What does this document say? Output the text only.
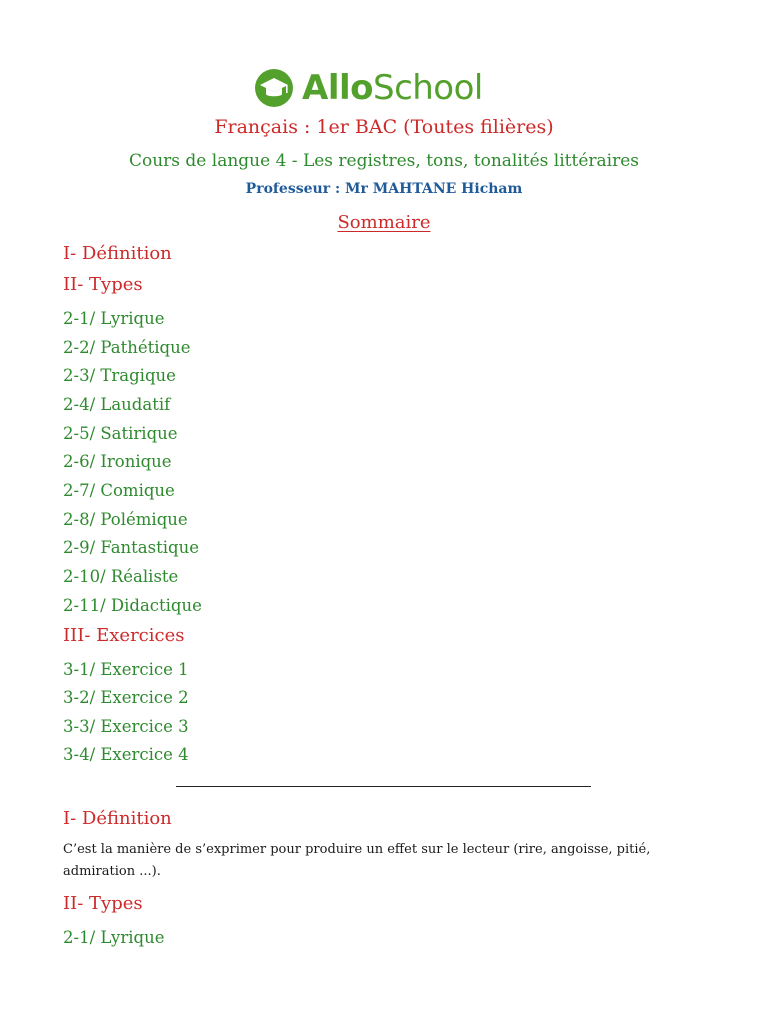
AlloSchool
Français : 1er BAC (Toutes filières)
Cours de langue 4 - Les registres, tons, tonalités littéraires
Professeur : Mr MAHTANE Hicham
Sommaire
I- Définition
II- Types
2-1/ Lyrique
2-2/ Pathétique
2-3/ Tragique
2-4/ Laudatif
2-5/ Satirique
2-6/ Ironique
2-7/ Comique
2-8/ Polémique
2-9/ Fantastique
2-10/ Réaliste
2-11/ Didactique
III- Exercices
3-1/ Exercice 1
3-2/ Exercice 2
3-3/ Exercice 3
3-4/ Exercice 4
I- Définition
C’est la manière de s’exprimer pour produire un effet sur le lecteur (rire, angoisse, pitié, admiration ...).
II- Types
2-1/ Lyrique
